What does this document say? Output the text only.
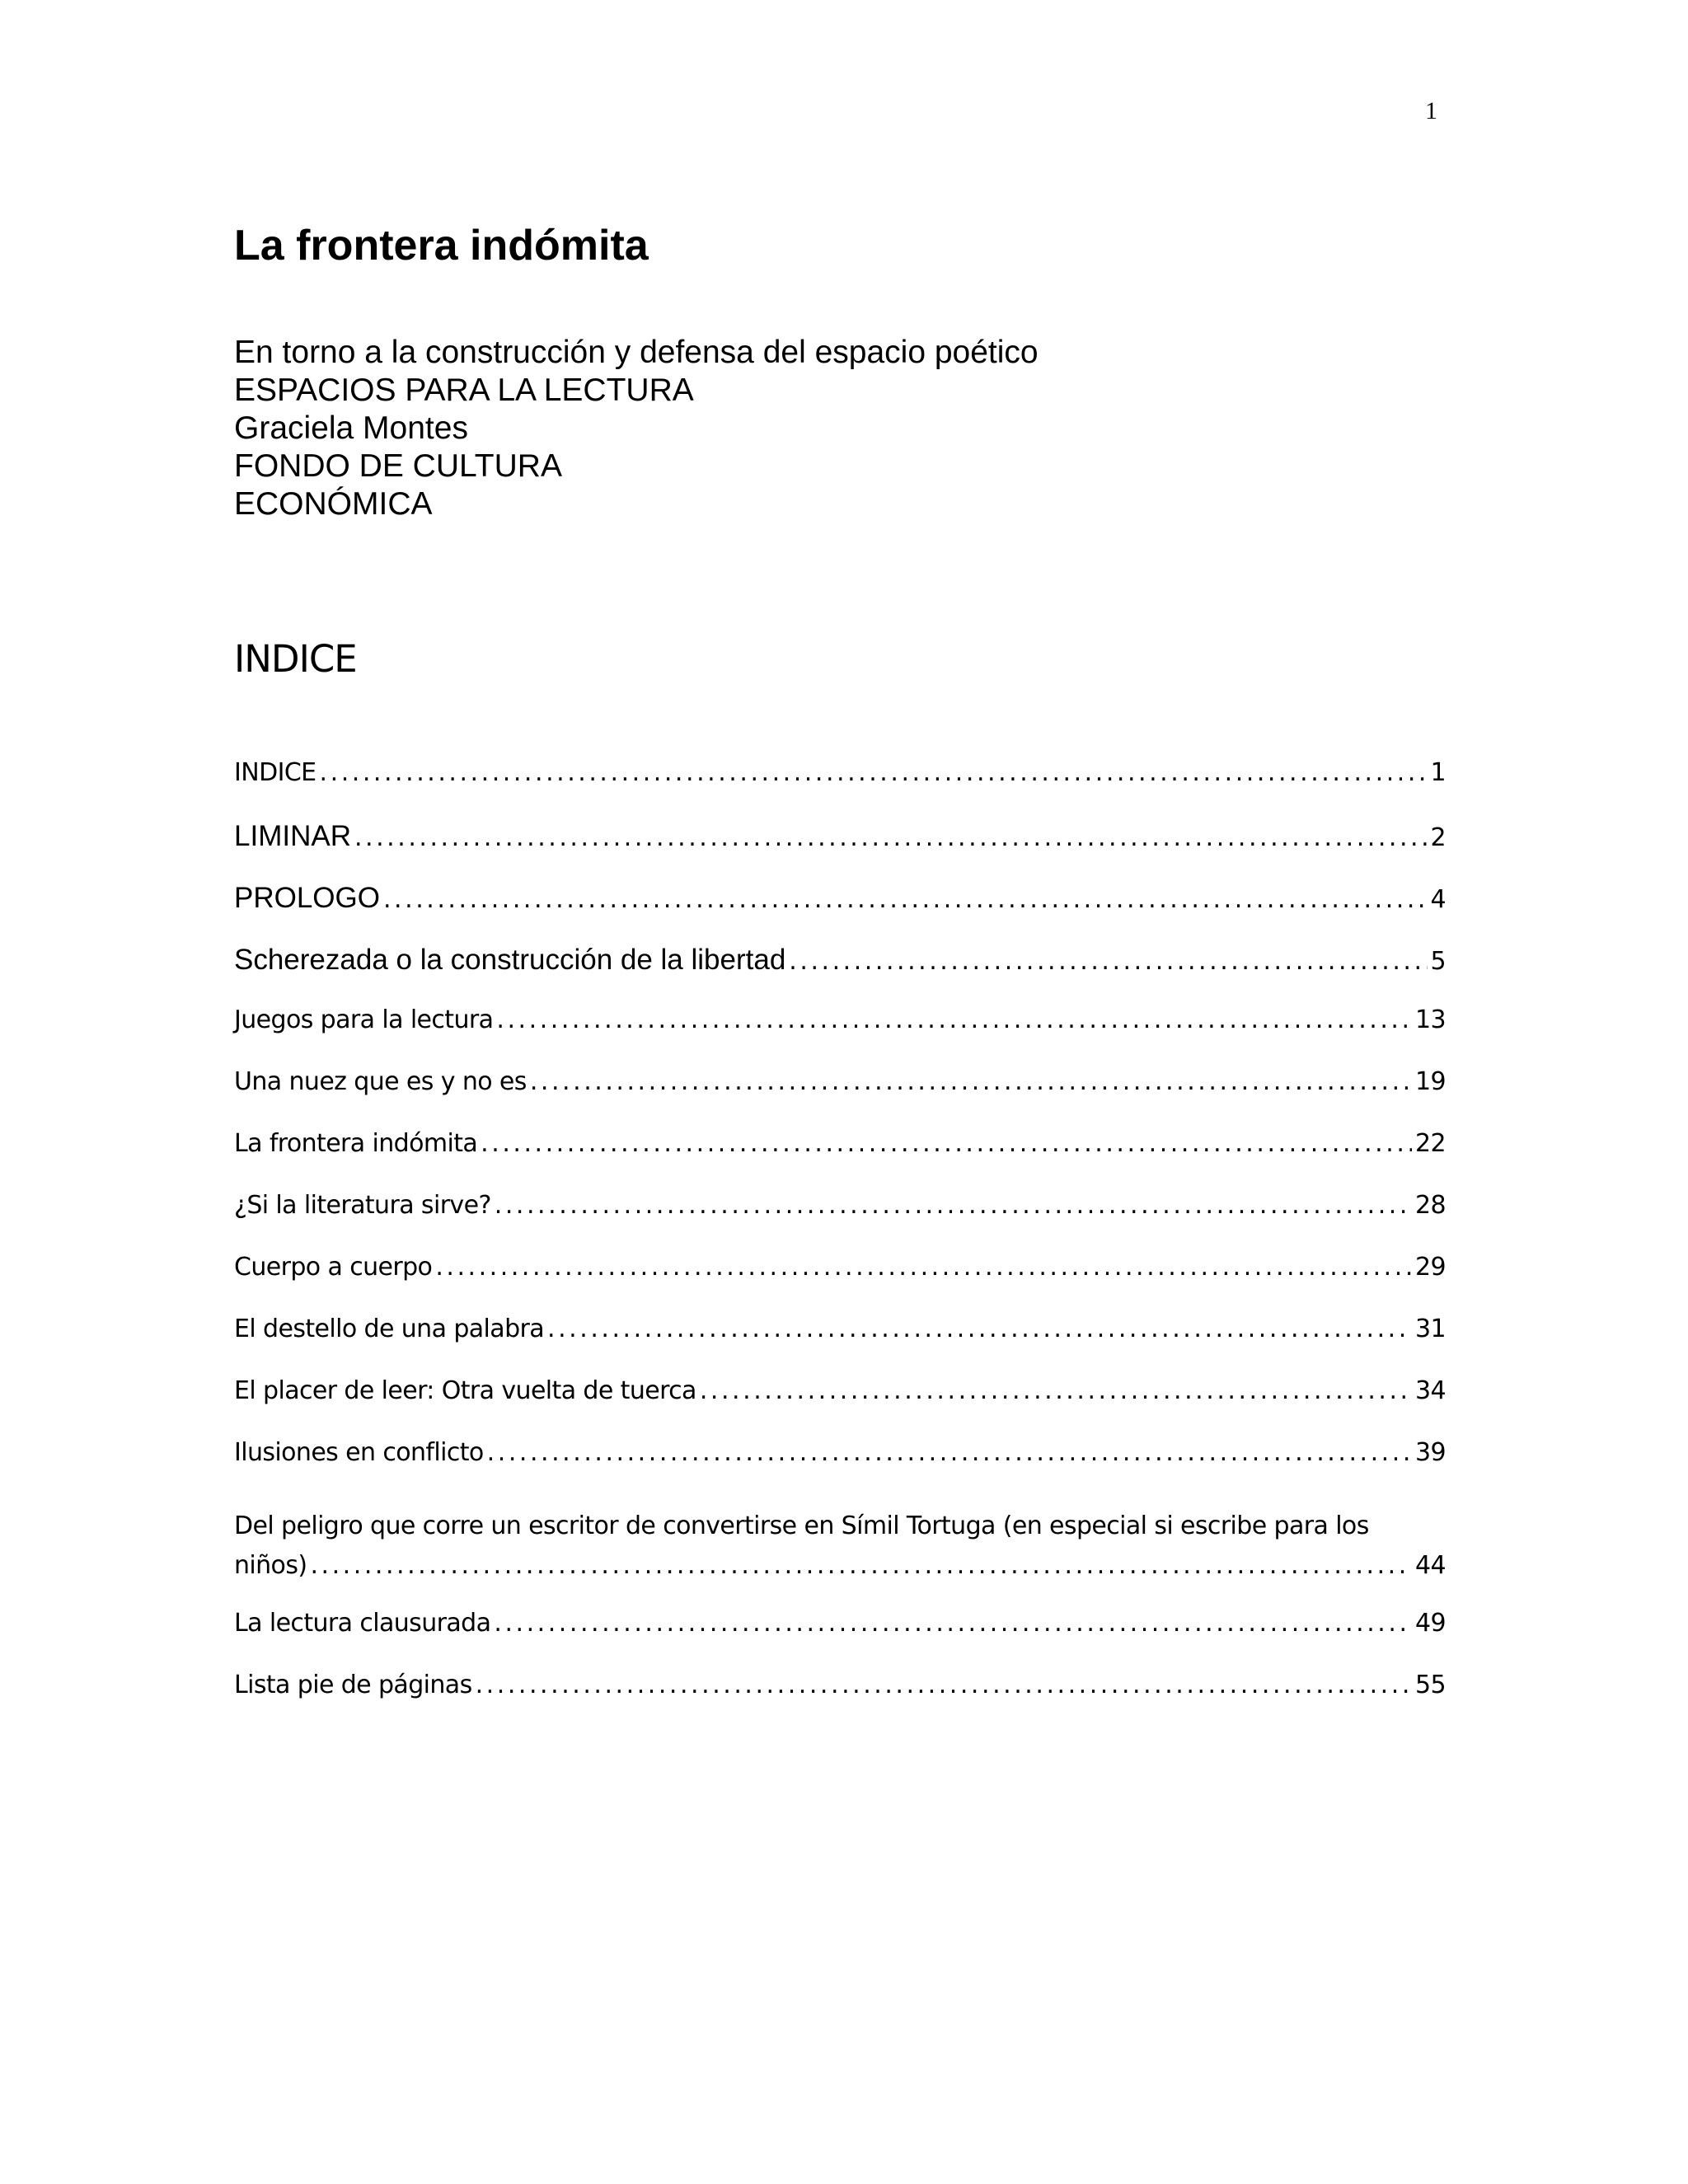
1
La frontera indómita
En torno a la construcción y defensa del espacio poético
ESPACIOS PARA LA LECTURA
Graciela Montes
FONDO DE CULTURA
ECONÓMICA
INDICE
INDICE . . .	1
LIMINAR . . .	2
PROLOGO . . .	4
Scherezada o la construcción de la libertad . . .	5
Juegos para la lectura . . .	13
Una nuez que es y no es . . .	19
La frontera indómita . . .	22
¿Si la literatura sirve? . . .	28
Cuerpo a cuerpo . . .	29
El destello de una palabra . . .	31
El placer de leer: Otra vuelta de tuerca . . .	34
Ilusiones en conflicto . . .	39
Del peligro que corre un escritor de convertirse en Símil Tortuga (en especial si escribe para los
niños) . . .	44
La lectura clausurada . . .	49
Lista pie de páginas . . .	55
